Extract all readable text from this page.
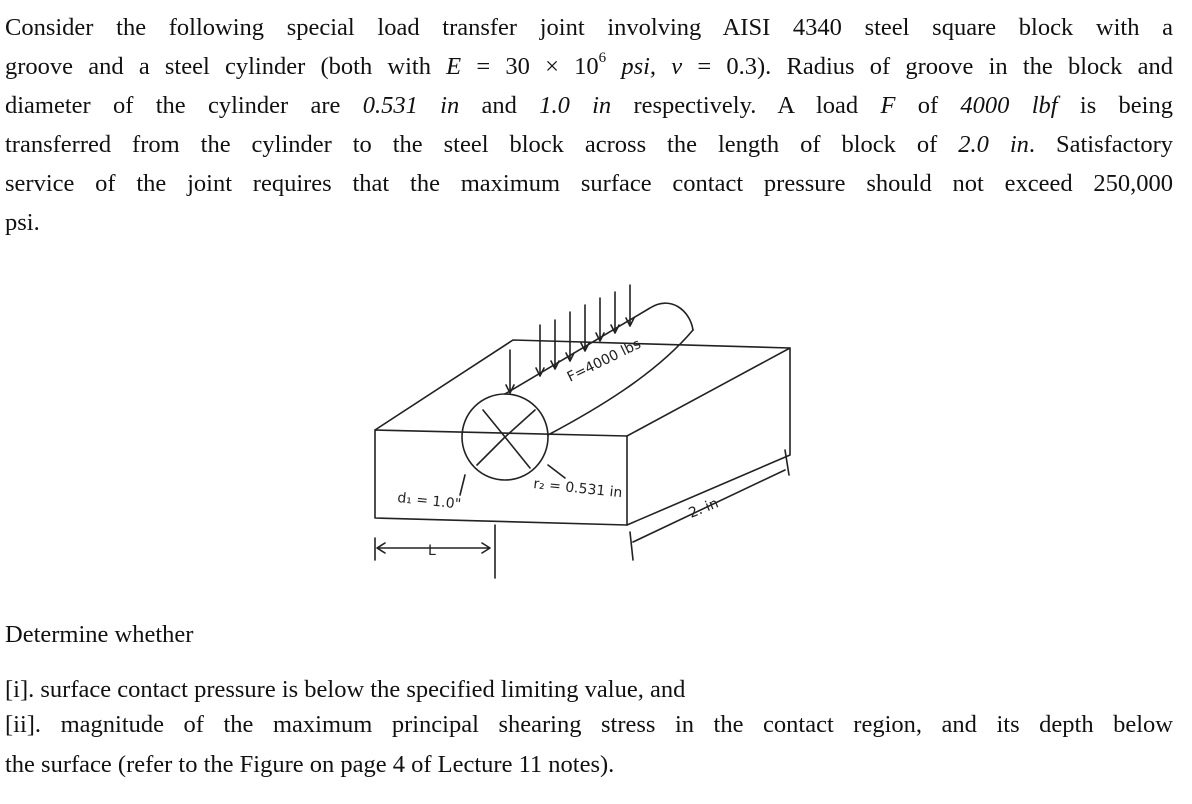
Consider the following special load transfer joint involving AISI 4340 steel square block with a
groove and a steel cylinder (both with $E = 30 \times 10^6$ psi, ν = 0.3). Radius of groove in the block and
diameter of the cylinder are 0.531 in and 1.0 in respectively. A load F of 4000 lbf is being
transferred from the cylinder to the steel block across the length of block of 2.0 in. Satisfactory
service of the joint requires that the maximum surface contact pressure should not exceed 250,000
psi.
F=4000 lbs
d₁ = 1.0"
r₂ = 0.531 in
2. in
L
Determine whether
[i]. surface contact pressure is below the specified limiting value, and
[ii]. magnitude of the maximum principal shearing stress in the contact region, and its depth below
the surface (refer to the Figure on page 4 of Lecture 11 notes).
